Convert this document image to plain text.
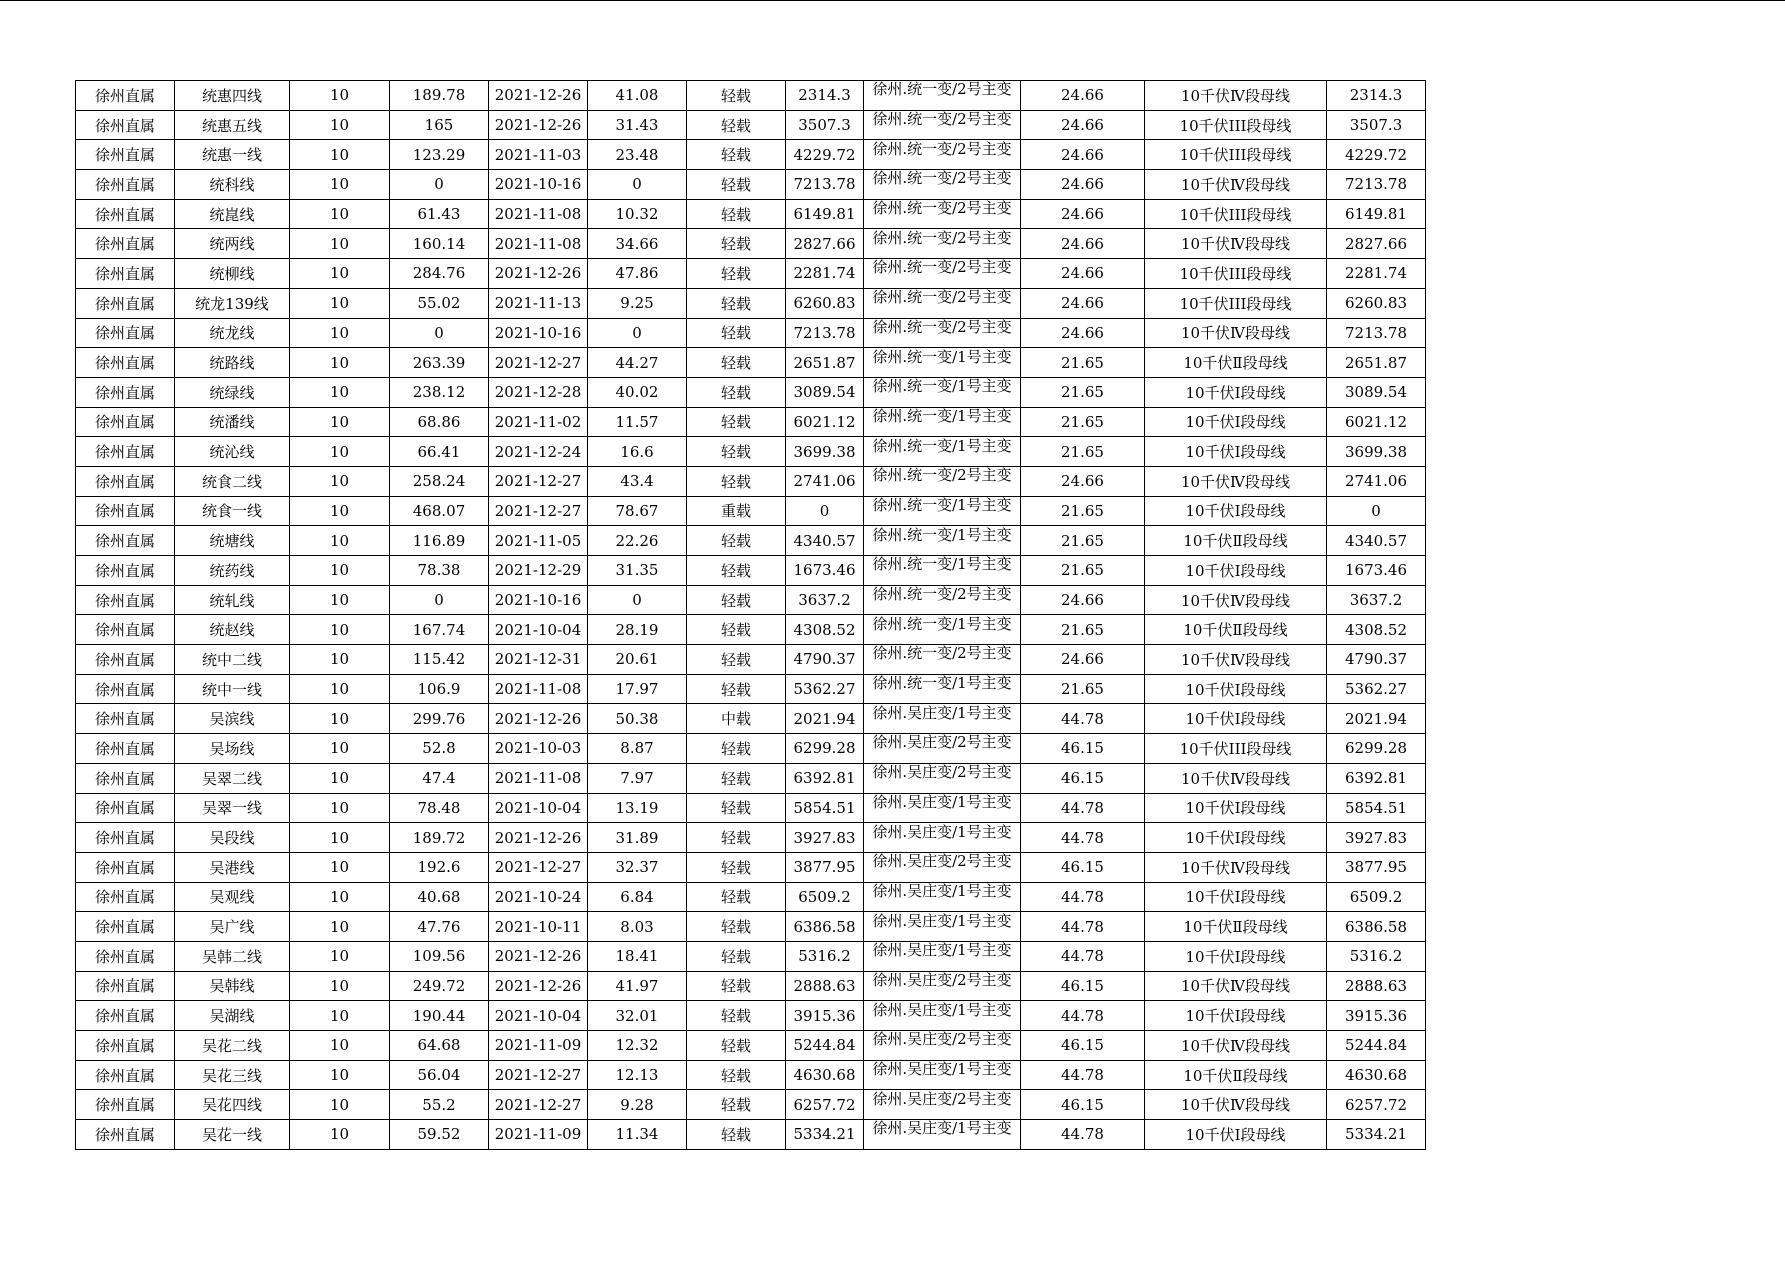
徐州直属	统惠四线	10	189.78	2021-12-26	41.08	轻载	2314.3	徐州.统一变/2号主变	24.66	10千伏Ⅳ段母线	2314.3
徐州直属	统惠五线	10	165	2021-12-26	31.43	轻载	3507.3	徐州.统一变/2号主变	24.66	10千伏III段母线	3507.3
徐州直属	统惠一线	10	123.29	2021-11-03	23.48	轻载	4229.72	徐州.统一变/2号主变	24.66	10千伏III段母线	4229.72
徐州直属	统科线	10	0	2021-10-16	0	轻载	7213.78	徐州.统一变/2号主变	24.66	10千伏Ⅳ段母线	7213.78
徐州直属	统崑线	10	61.43	2021-11-08	10.32	轻载	6149.81	徐州.统一变/2号主变	24.66	10千伏III段母线	6149.81
徐州直属	统两线	10	160.14	2021-11-08	34.66	轻载	2827.66	徐州.统一变/2号主变	24.66	10千伏Ⅳ段母线	2827.66
徐州直属	统柳线	10	284.76	2021-12-26	47.86	轻载	2281.74	徐州.统一变/2号主变	24.66	10千伏III段母线	2281.74
徐州直属	统龙139线	10	55.02	2021-11-13	9.25	轻载	6260.83	徐州.统一变/2号主变	24.66	10千伏III段母线	6260.83
徐州直属	统龙线	10	0	2021-10-16	0	轻载	7213.78	徐州.统一变/2号主变	24.66	10千伏Ⅳ段母线	7213.78
徐州直属	统路线	10	263.39	2021-12-27	44.27	轻载	2651.87	徐州.统一变/1号主变	21.65	10千伏Ⅱ段母线	2651.87
徐州直属	统绿线	10	238.12	2021-12-28	40.02	轻载	3089.54	徐州.统一变/1号主变	21.65	10千伏Ⅰ段母线	3089.54
徐州直属	统潘线	10	68.86	2021-11-02	11.57	轻载	6021.12	徐州.统一变/1号主变	21.65	10千伏Ⅰ段母线	6021.12
徐州直属	统沁线	10	66.41	2021-12-24	16.6	轻载	3699.38	徐州.统一变/1号主变	21.65	10千伏Ⅰ段母线	3699.38
徐州直属	统食二线	10	258.24	2021-12-27	43.4	轻载	2741.06	徐州.统一变/2号主变	24.66	10千伏Ⅳ段母线	2741.06
徐州直属	统食一线	10	468.07	2021-12-27	78.67	重载	0	徐州.统一变/1号主变	21.65	10千伏Ⅰ段母线	0
徐州直属	统塘线	10	116.89	2021-11-05	22.26	轻载	4340.57	徐州.统一变/1号主变	21.65	10千伏Ⅱ段母线	4340.57
徐州直属	统药线	10	78.38	2021-12-29	31.35	轻载	1673.46	徐州.统一变/1号主变	21.65	10千伏Ⅰ段母线	1673.46
徐州直属	统轧线	10	0	2021-10-16	0	轻载	3637.2	徐州.统一变/2号主变	24.66	10千伏Ⅳ段母线	3637.2
徐州直属	统赵线	10	167.74	2021-10-04	28.19	轻载	4308.52	徐州.统一变/1号主变	21.65	10千伏Ⅱ段母线	4308.52
徐州直属	统中二线	10	115.42	2021-12-31	20.61	轻载	4790.37	徐州.统一变/2号主变	24.66	10千伏Ⅳ段母线	4790.37
徐州直属	统中一线	10	106.9	2021-11-08	17.97	轻载	5362.27	徐州.统一变/1号主变	21.65	10千伏Ⅰ段母线	5362.27
徐州直属	吴滨线	10	299.76	2021-12-26	50.38	中载	2021.94	徐州.吴庄变/1号主变	44.78	10千伏Ⅰ段母线	2021.94
徐州直属	吴场线	10	52.8	2021-10-03	8.87	轻载	6299.28	徐州.吴庄变/2号主变	46.15	10千伏III段母线	6299.28
徐州直属	吴翠二线	10	47.4	2021-11-08	7.97	轻载	6392.81	徐州.吴庄变/2号主变	46.15	10千伏Ⅳ段母线	6392.81
徐州直属	吴翠一线	10	78.48	2021-10-04	13.19	轻载	5854.51	徐州.吴庄变/1号主变	44.78	10千伏Ⅰ段母线	5854.51
徐州直属	吴段线	10	189.72	2021-12-26	31.89	轻载	3927.83	徐州.吴庄变/1号主变	44.78	10千伏Ⅰ段母线	3927.83
徐州直属	吴港线	10	192.6	2021-12-27	32.37	轻载	3877.95	徐州.吴庄变/2号主变	46.15	10千伏Ⅳ段母线	3877.95
徐州直属	吴观线	10	40.68	2021-10-24	6.84	轻载	6509.2	徐州.吴庄变/1号主变	44.78	10千伏Ⅰ段母线	6509.2
徐州直属	吴广线	10	47.76	2021-10-11	8.03	轻载	6386.58	徐州.吴庄变/1号主变	44.78	10千伏Ⅱ段母线	6386.58
徐州直属	吴韩二线	10	109.56	2021-12-26	18.41	轻载	5316.2	徐州.吴庄变/1号主变	44.78	10千伏Ⅰ段母线	5316.2
徐州直属	吴韩线	10	249.72	2021-12-26	41.97	轻载	2888.63	徐州.吴庄变/2号主变	46.15	10千伏Ⅳ段母线	2888.63
徐州直属	吴湖线	10	190.44	2021-10-04	32.01	轻载	3915.36	徐州.吴庄变/1号主变	44.78	10千伏Ⅰ段母线	3915.36
徐州直属	吴花二线	10	64.68	2021-11-09	12.32	轻载	5244.84	徐州.吴庄变/2号主变	46.15	10千伏Ⅳ段母线	5244.84
徐州直属	吴花三线	10	56.04	2021-12-27	12.13	轻载	4630.68	徐州.吴庄变/1号主变	44.78	10千伏Ⅱ段母线	4630.68
徐州直属	吴花四线	10	55.2	2021-12-27	9.28	轻载	6257.72	徐州.吴庄变/2号主变	46.15	10千伏Ⅳ段母线	6257.72
徐州直属	吴花一线	10	59.52	2021-11-09	11.34	轻载	5334.21	徐州.吴庄变/1号主变	44.78	10千伏Ⅰ段母线	5334.21
